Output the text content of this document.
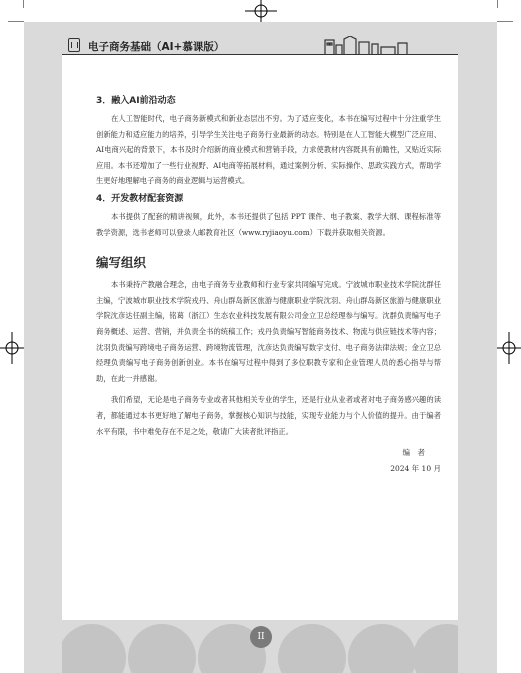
电子商务基础（AI+慕课版）

3．融入AI前沿动态

在人工智能时代，电子商务新模式和新业态层出不穷。为了适应变化，本书在编写过程中十分注重学生创新能力和适应能力的培养，引导学生关注电子商务行业最新的动态。特别是在人工智能大模型广泛应用、AI电商兴起的背景下，本书及时介绍新的商业模式和营销手段，力求使教材内容既具有前瞻性，又贴近实际应用。本书还增加了一些行业视野、AI电商等拓展材料，通过案例分析、实际操作、思政实践方式，帮助学生更好地理解电子商务的商业逻辑与运营模式。

4．开发教材配套资源

本书提供了配套的精讲视频，此外，本书还提供了包括 PPT 课件、电子教案、教学大纲、课程标准等教学资源，选书老师可以登录人邮教育社区（www.ryjiaoyu.com）下载并获取相关资源。

编写组织

本书秉持产教融合理念，由电子商务专业教师和行业专家共同编写完成。宁波城市职业技术学院沈群任主编，宁波城市职业技术学院戎丹、舟山群岛新区旅游与健康职业学院沈羽、舟山群岛新区旅游与健康职业学院沈彦达任副主编，铭葛（浙江）生态农业科技发展有限公司金立卫总经理参与编写。沈群负责编写电子商务概述、运营、营销，并负责全书的统稿工作；戎丹负责编写智能商务技术、物流与供应链技术等内容；沈羽负责编写跨境电子商务运营、跨境物流管理，沈彦达负责编写数字支付、电子商务法律法规；金立卫总经理负责编写电子商务创新创业。本书在编写过程中得到了多位职教专家和企业管理人员的悉心指导与帮助，在此一并感谢。

我们希望，无论是电子商务专业或者其他相关专业的学生，还是行业从业者或者对电子商务感兴趣的读者，都能通过本书更好地了解电子商务，掌握核心知识与技能，实现专业能力与个人价值的提升。由于编者水平有限，书中难免存在不足之处，敬请广大读者批评指正。

编　者

2024 年 10 月

II
